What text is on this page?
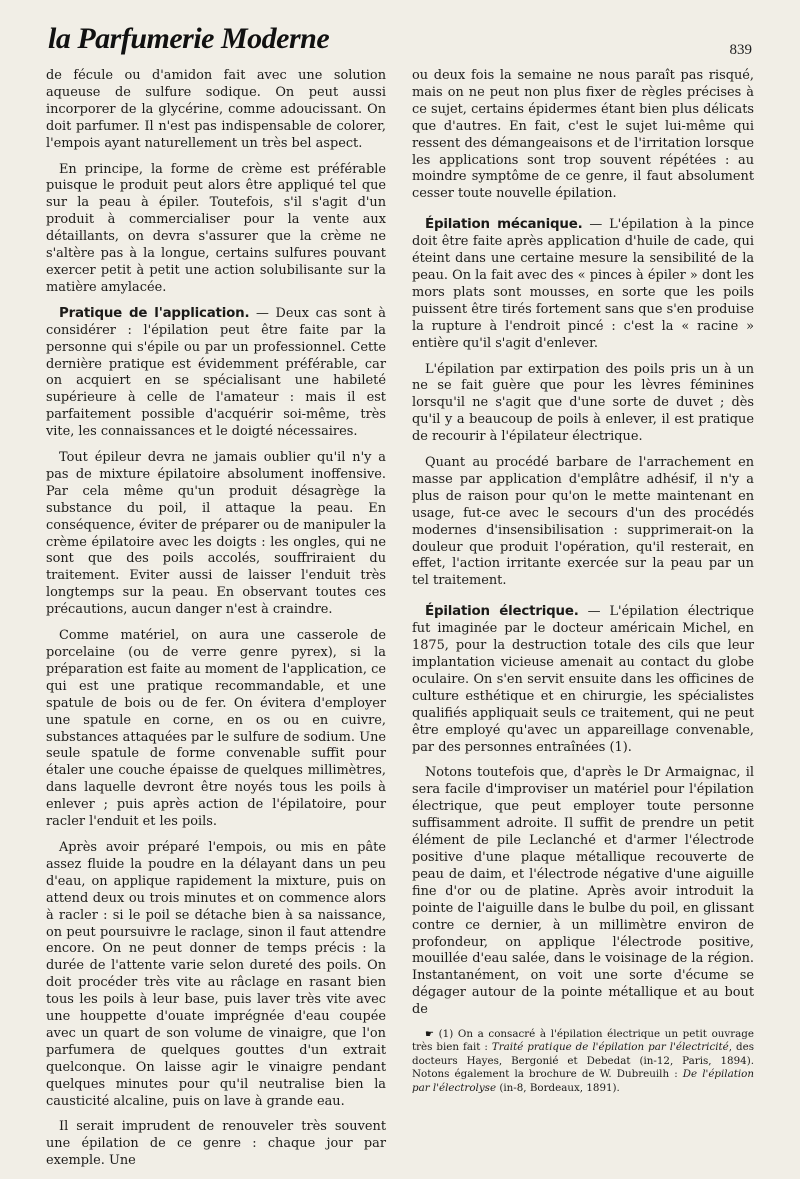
la Parfumerie Moderne	839

de fécule ou d'amidon fait avec une solution aqueuse de sulfure sodique. On peut aussi incorporer de la glycérine, comme adoucissant. On doit parfumer. Il n'est pas indispensable de colorer, l'empois ayant naturellement un très bel aspect.

En principe, la forme de crème est préférable puisque le produit peut alors être appliqué tel que sur la peau à épiler. Toutefois, s'il s'agit d'un produit à commercialiser pour la vente aux détaillants, on devra s'assurer que la crème ne s'altère pas à la longue, certains sulfures pouvant exercer petit à petit une action solubilisante sur la matière amylacée.

Pratique de l'application. — Deux cas sont à considérer : l'épilation peut être faite par la personne qui s'épile ou par un professionnel. Cette dernière pratique est évidemment préférable, car on acquiert en se spécialisant une habileté supérieure à celle de l'amateur : mais il est parfaitement possible d'acquérir soi-même, très vite, les connaissances et le doigté nécessaires.

Tout épileur devra ne jamais oublier qu'il n'y a pas de mixture épilatoire absolument inoffensive. Par cela même qu'un produit désagrège la substance du poil, il attaque la peau. En conséquence, éviter de préparer ou de manipuler la crème épilatoire avec les doigts : les ongles, qui ne sont que des poils accolés, souffriraient du traitement. Eviter aussi de laisser l'enduit très longtemps sur la peau. En observant toutes ces précautions, aucun danger n'est à craindre.

Comme matériel, on aura une casserole de porcelaine (ou de verre genre pyrex), si la préparation est faite au moment de l'application, ce qui est une pratique recommandable, et une spatule de bois ou de fer. On évitera d'employer une spatule en corne, en os ou en cuivre, substances attaquées par le sulfure de sodium. Une seule spatule de forme convenable suffit pour étaler une couche épaisse de quelques millimètres, dans laquelle devront être noyés tous les poils à enlever ; puis après action de l'épilatoire, pour racler l'enduit et les poils.

Après avoir préparé l'empois, ou mis en pâte assez fluide la poudre en la délayant dans un peu d'eau, on applique rapidement la mixture, puis on attend deux ou trois minutes et on commence alors à racler : si le poil se détache bien à sa naissance, on peut poursuivre le raclage, sinon il faut attendre encore. On ne peut donner de temps précis : la durée de l'attente varie selon dureté des poils. On doit procéder très vite au râclage en rasant bien tous les poils à leur base, puis laver très vite avec une houppette d'ouate imprégnée d'eau coupée avec un quart de son volume de vinaigre, que l'on parfumera de quelques gouttes d'un extrait quelconque. On laisse agir le vinaigre pendant quelques minutes pour qu'il neutralise bien la causticité alcaline, puis on lave à grande eau.

Il serait imprudent de renouveler très souvent une épilation de ce genre : chaque jour par exemple. Une

ou deux fois la semaine ne nous paraît pas risqué, mais on ne peut non plus fixer de règles précises à ce sujet, certains épidermes étant bien plus délicats que d'autres. En fait, c'est le sujet lui-même qui ressent des démangeaisons et de l'irritation lorsque les applications sont trop souvent répétées : au moindre symptôme de ce genre, il faut absolument cesser toute nouvelle épilation.

Épilation mécanique. — L'épilation à la pince doit être faite après application d'huile de cade, qui éteint dans une certaine mesure la sensibilité de la peau. On la fait avec des « pinces à épiler » dont les mors plats sont mousses, en sorte que les poils puissent être tirés fortement sans que s'en produise la rupture à l'endroit pincé : c'est la « racine » entière qu'il s'agit d'enlever.

L'épilation par extirpation des poils pris un à un ne se fait guère que pour les lèvres féminines lorsqu'il ne s'agit que d'une sorte de duvet ; dès qu'il y a beaucoup de poils à enlever, il est pratique de recourir à l'épilateur électrique.

Quant au procédé barbare de l'arrachement en masse par application d'emplâtre adhésif, il n'y a plus de raison pour qu'on le mette maintenant en usage, fut-ce avec le secours d'un des procédés modernes d'insensibilisation : supprimerait-on la douleur que produit l'opération, qu'il resterait, en effet, l'action irritante exercée sur la peau par un tel traitement.

Épilation électrique. — L'épilation électrique fut imaginée par le docteur américain Michel, en 1875, pour la destruction totale des cils que leur implantation vicieuse amenait au contact du globe oculaire. On s'en servit ensuite dans les officines de culture esthétique et en chirurgie, les spécialistes qualifiés appliquait seuls ce traitement, qui ne peut être employé qu'avec un appareillage convenable, par des personnes entraînées (1).

Notons toutefois que, d'après le Dr Armaignac, il sera facile d'improviser un matériel pour l'épilation électrique, que peut employer toute personne suffisamment adroite. Il suffit de prendre un petit élément de pile Leclanché et d'armer l'électrode positive d'une plaque métallique recouverte de peau de daim, et l'électrode négative d'une aiguille fine d'or ou de platine. Après avoir introduit la pointe de l'aiguille dans le bulbe du poil, en glissant contre ce dernier, à un millimètre environ de profondeur, on applique l'électrode positive, mouillée d'eau salée, dans le voisinage de la région. Instantanément, on voit une sorte d'écume se dégager autour de la pointe métallique et au bout de

☛ (1) On a consacré à l'épilation électrique un petit ouvrage très bien fait : Traité pratique de l'épilation par l'électricité, des docteurs Hayes, Bergonié et Debedat (in-12, Paris, 1894). Notons également la brochure de W. Dubreuilh : De l'épilation par l'électrolyse (in-8, Bordeaux, 1891).
